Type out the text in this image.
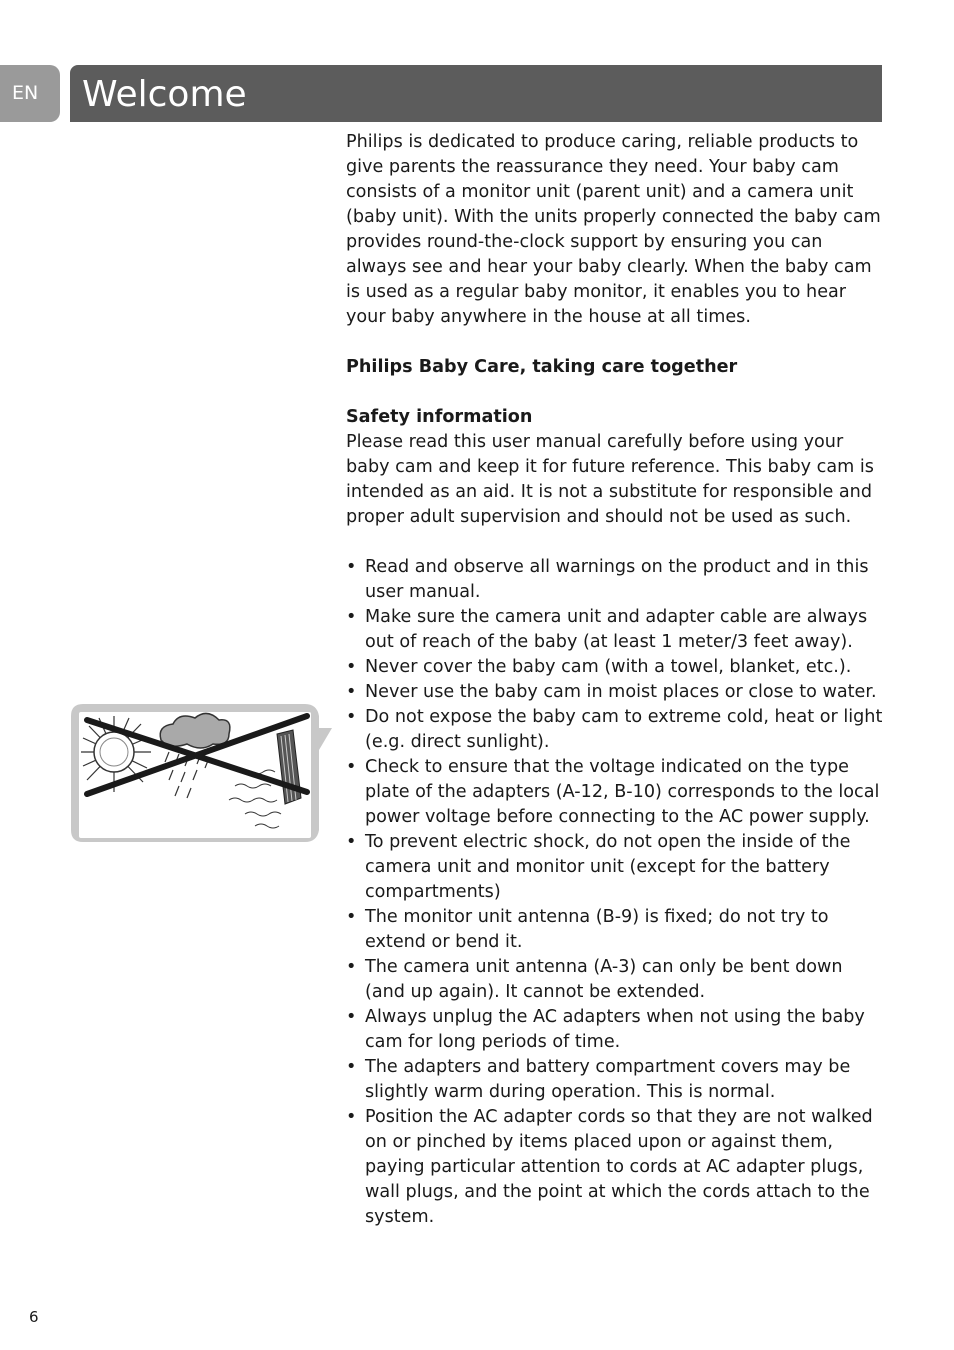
EN	Welcome

Philips is dedicated to produce caring, reliable products to give parents the reassurance they need. Your baby cam consists of a monitor unit (parent unit) and a camera unit (baby unit). With the units properly connected the baby cam provides round-the-clock support by ensuring you can always see and hear your baby clearly. When the baby cam is used as a regular baby monitor, it enables you to hear your baby anywhere in the house at all times.

Philips Baby Care, taking care together

Safety information

Please read this user manual carefully before using your baby cam and keep it for future reference. This baby cam is intended as an aid. It is not a substitute for responsible and proper adult supervision and should not be used as such.

• Read and observe all warnings on the product and in this user manual.
• Make sure the camera unit and adapter cable are always out of reach of the baby (at least 1 meter/3 feet away).
• Never cover the baby cam (with a towel, blanket, etc.).
• Never use the baby cam in moist places or close to water.
• Do not expose the baby cam to extreme cold, heat or light (e.g. direct sunlight).
• Check to ensure that the voltage indicated on the type plate of the adapters (A-12, B-10) corresponds to the local power voltage before connecting to the AC power supply.
• To prevent electric shock, do not open the inside of the camera unit and monitor unit (except for the battery compartments)
• The monitor unit antenna (B-9) is fixed; do not try to extend or bend it.
• The camera unit antenna (A-3) can only be bent down (and up again). It cannot be extended.
• Always unplug the AC adapters when not using the baby cam for long periods of time.
• The adapters and battery compartment covers may be slightly warm during operation. This is normal.
• Position the AC adapter cords so that they are not walked on or pinched by items placed upon or against them, paying particular attention to cords at AC adapter plugs, wall plugs, and the point at which the cords attach to the system.
6
